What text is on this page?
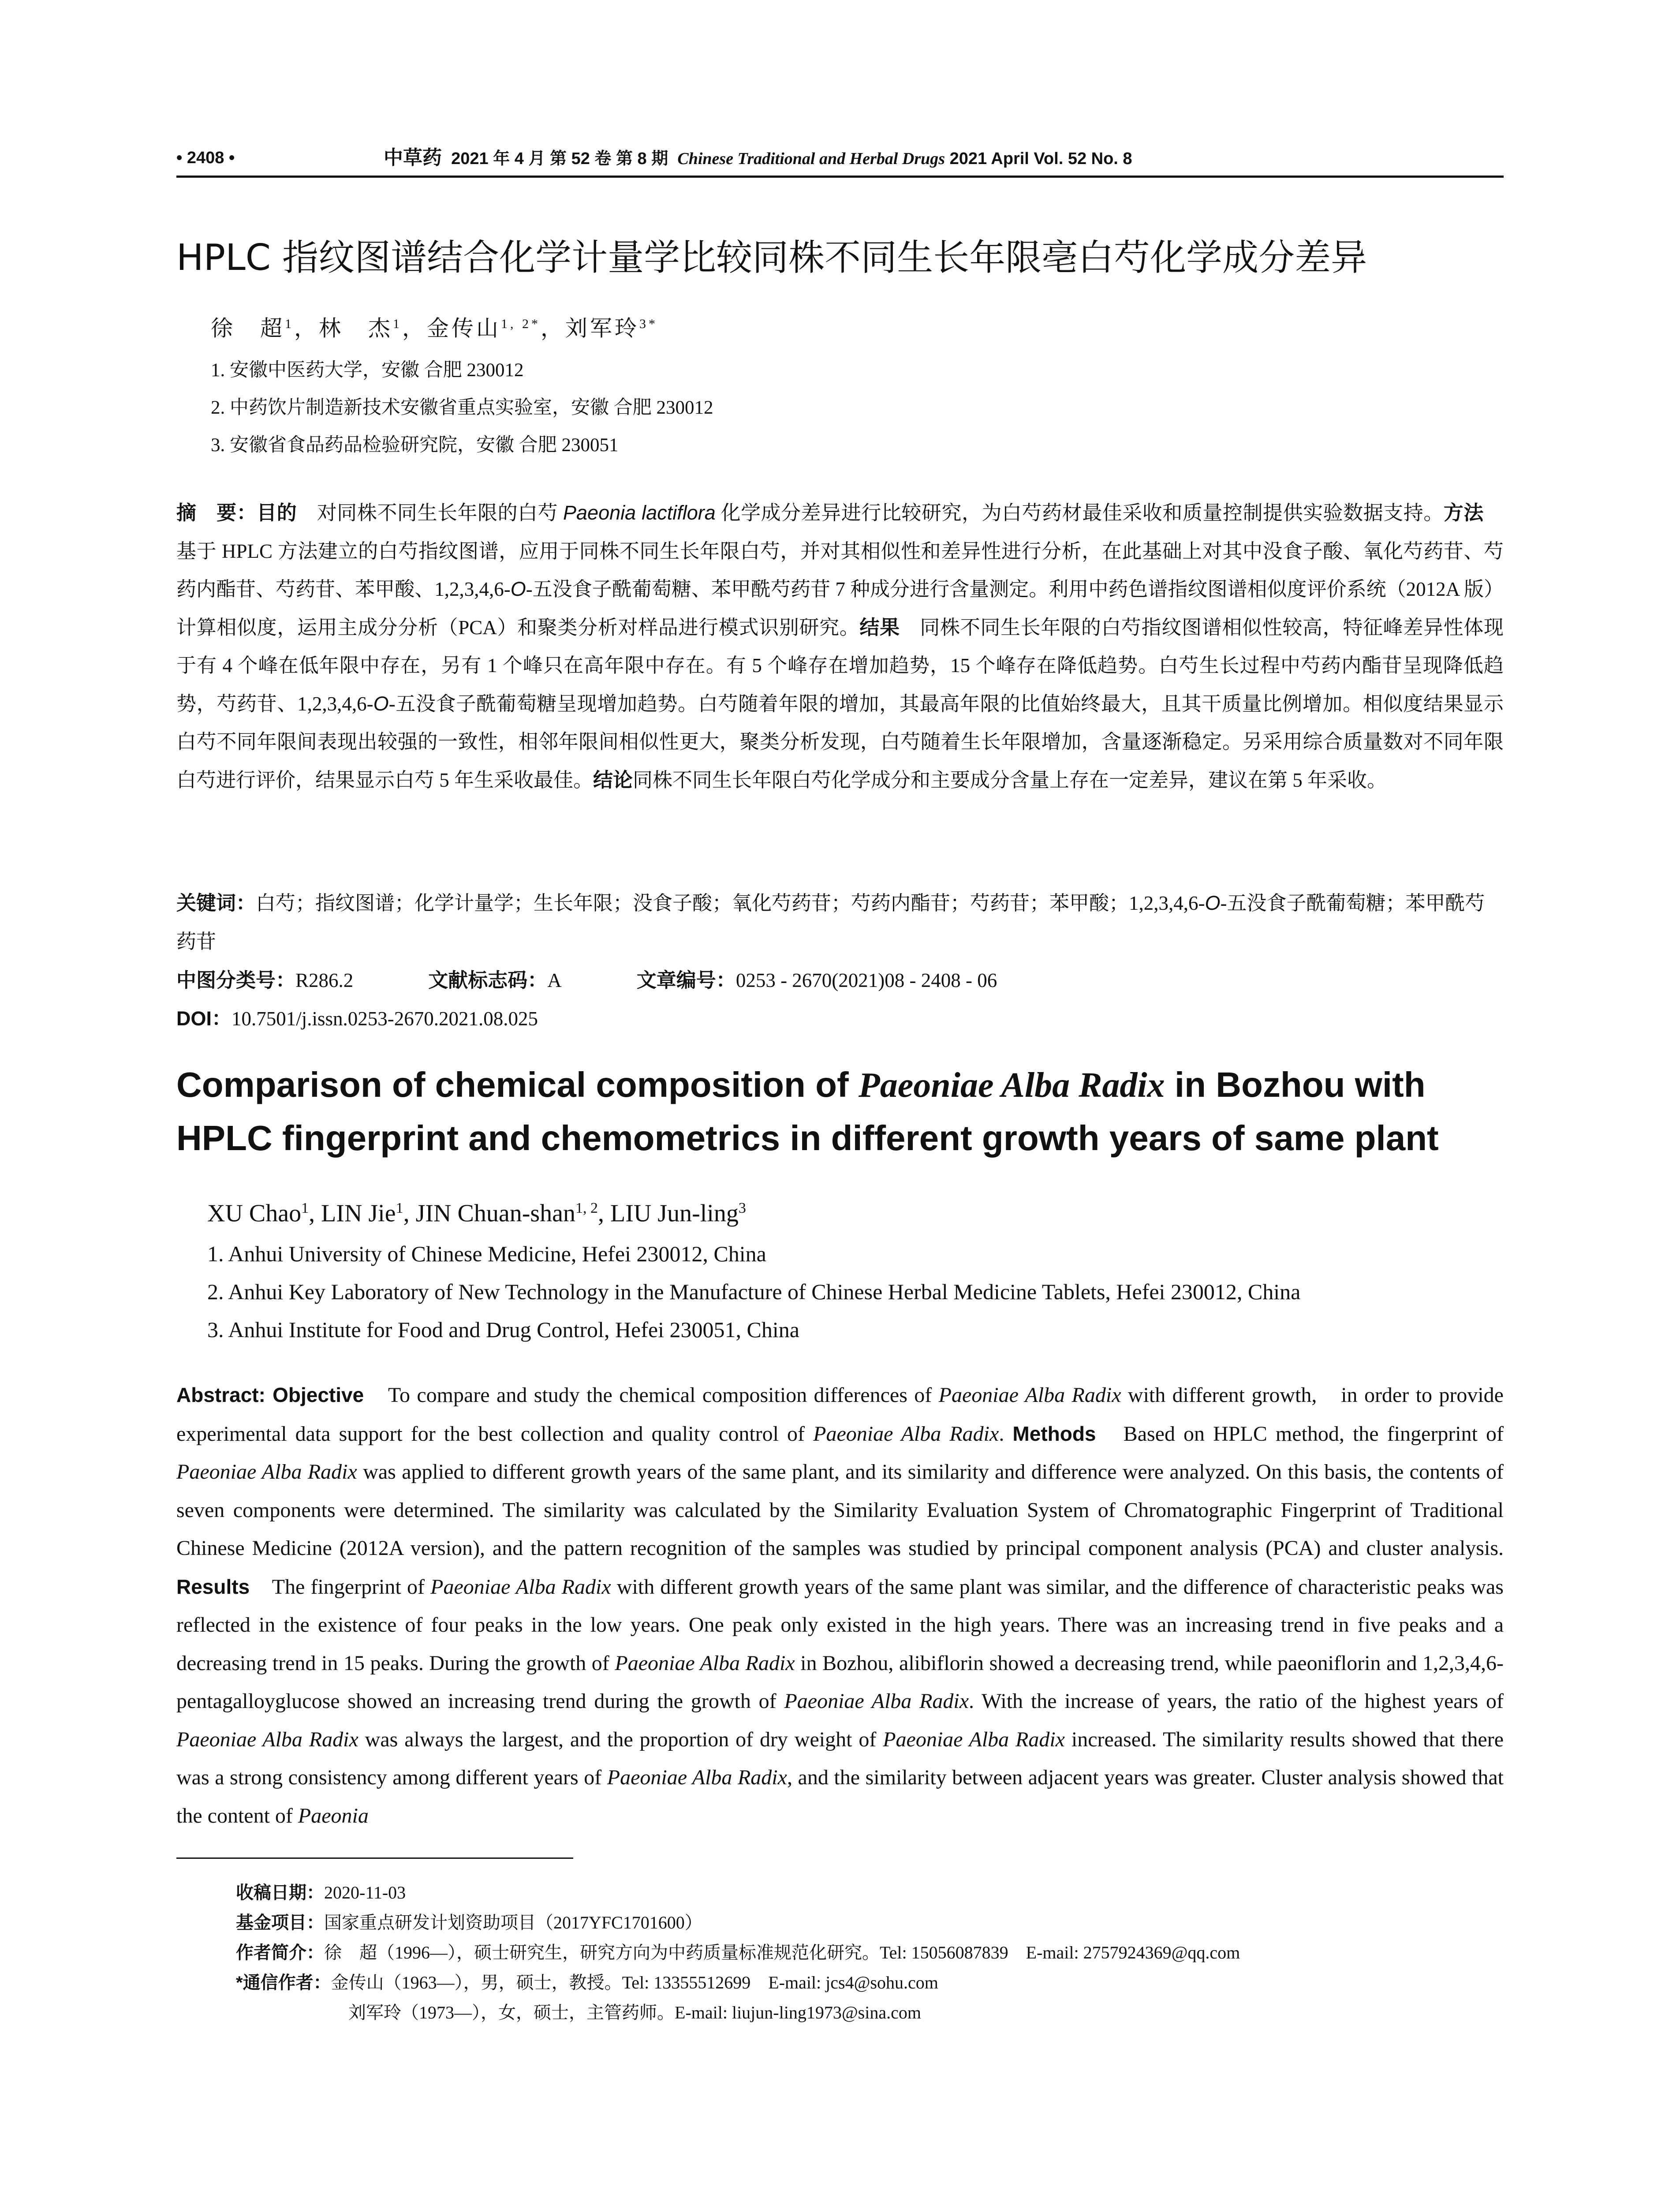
• 2408 •	中草药 2021 年 4 月 第 52 卷 第 8 期 Chinese Traditional and Herbal Drugs 2021 April Vol. 52 No. 8
HPLC 指纹图谱结合化学计量学比较同株不同生长年限亳白芍化学成分差异
徐　超$^1$，林　杰$^1$，金传山$^{1, 2*}$，刘军玲$^{3*}$
1. 安徽中医药大学，安徽 合肥 230012
2. 中药饮片制造新技术安徽省重点实验室，安徽 合肥 230012
3. 安徽省食品药品检验研究院，安徽 合肥 230051
摘　要：目的　对同株不同生长年限的白芍 Paeonia lactiflora 化学成分差异进行比较研究，为白芍药材最佳采收和质量控制提供实验数据支持。方法　基于 HPLC 方法建立的白芍指纹图谱，应用于同株不同生长年限白芍，并对其相似性和差异性进行分析，在此基础上对其中没食子酸、氧化芍药苷、芍药内酯苷、芍药苷、苯甲酸、1,2,3,4,6-O-五没食子酰葡萄糖、苯甲酰芍药苷 7 种成分进行含量测定。利用中药色谱指纹图谱相似度评价系统（2012A 版）计算相似度，运用主成分分析（PCA）和聚类分析对样品进行模式识别研究。结果　同株不同生长年限的白芍指纹图谱相似性较高，特征峰差异性体现于有 4 个峰在低年限中存在，另有 1 个峰只在高年限中存在。有 5 个峰存在增加趋势，15 个峰存在降低趋势。白芍生长过程中芍药内酯苷呈现降低趋势，芍药苷、1,2,3,4,6-O-五没食子酰葡萄糖呈现增加趋势。白芍随着年限的增加，其最高年限的比值始终最大，且其干质量比例增加。相似度结果显示白芍不同年限间表现出较强的一致性，相邻年限间相似性更大，聚类分析发现，白芍随着生长年限增加，含量逐渐稳定。另采用综合质量数对不同年限白芍进行评价，结果显示白芍 5 年生采收最佳。结论同株不同生长年限白芍化学成分和主要成分含量上存在一定差异，建议在第 5 年采收。
关键词：白芍；指纹图谱；化学计量学；生长年限；没食子酸；氧化芍药苷；芍药内酯苷；芍药苷；苯甲酸；1,2,3,4,6-O-五没食子酰葡萄糖；苯甲酰芍药苷
中图分类号：R286.2	文献标志码：A	文章编号：0253 - 2670(2021)08 - 2408 - 06
DOI：10.7501/j.issn.0253-2670.2021.08.025
Comparison of chemical composition of Paeoniae Alba Radix in Bozhou with HPLC fingerprint and chemometrics in different growth years of same plant
XU Chao$^1$, LIN Jie$^1$, JIN Chuan-shan$^{1, 2}$, LIU Jun-ling$^3$
1. Anhui University of Chinese Medicine, Hefei 230012, China
2. Anhui Key Laboratory of New Technology in the Manufacture of Chinese Herbal Medicine Tablets, Hefei 230012, China
3. Anhui Institute for Food and Drug Control, Hefei 230051, China
Abstract: Objective　To compare and study the chemical composition differences of Paeoniae Alba Radix with different growth,　in order to provide experimental data support for the best collection and quality control of Paeoniae Alba Radix. Methods　Based on HPLC method, the fingerprint of Paeoniae Alba Radix was applied to different growth years of the same plant, and its similarity and difference were analyzed. On this basis, the contents of seven components were determined. The similarity was calculated by the Similarity Evaluation System of Chromatographic Fingerprint of Traditional Chinese Medicine (2012A version), and the pattern recognition of the samples was studied by principal component analysis (PCA) and cluster analysis. Results　The fingerprint of Paeoniae Alba Radix with different growth years of the same plant was similar, and the difference of characteristic peaks was reflected in the existence of four peaks in the low years. One peak only existed in the high years. There was an increasing trend in five peaks and a decreasing trend in 15 peaks. During the growth of Paeoniae Alba Radix in Bozhou, alibiflorin showed a decreasing trend, while paeoniflorin and 1,2,3,4,6-pentagalloyglucose showed an increasing trend during the growth of Paeoniae Alba Radix. With the increase of years, the ratio of the highest years of Paeoniae Alba Radix was always the largest, and the proportion of dry weight of Paeoniae Alba Radix increased. The similarity results showed that there was a strong consistency among different years of Paeoniae Alba Radix, and the similarity between adjacent years was greater. Cluster analysis showed that the content of Paeonia
收稿日期：2020-11-03
基金项目：国家重点研发计划资助项目（2017YFC1701600）
作者简介：徐　超（1996—），硕士研究生，研究方向为中药质量标准规范化研究。Tel: 15056087839　E-mail: 2757924369@qq.com
*通信作者：金传山（1963—），男，硕士，教授。Tel: 13355512699　E-mail: jcs4@sohu.com
刘军玲（1973—），女，硕士，主管药师。E-mail: liujun-ling1973@sina.com
